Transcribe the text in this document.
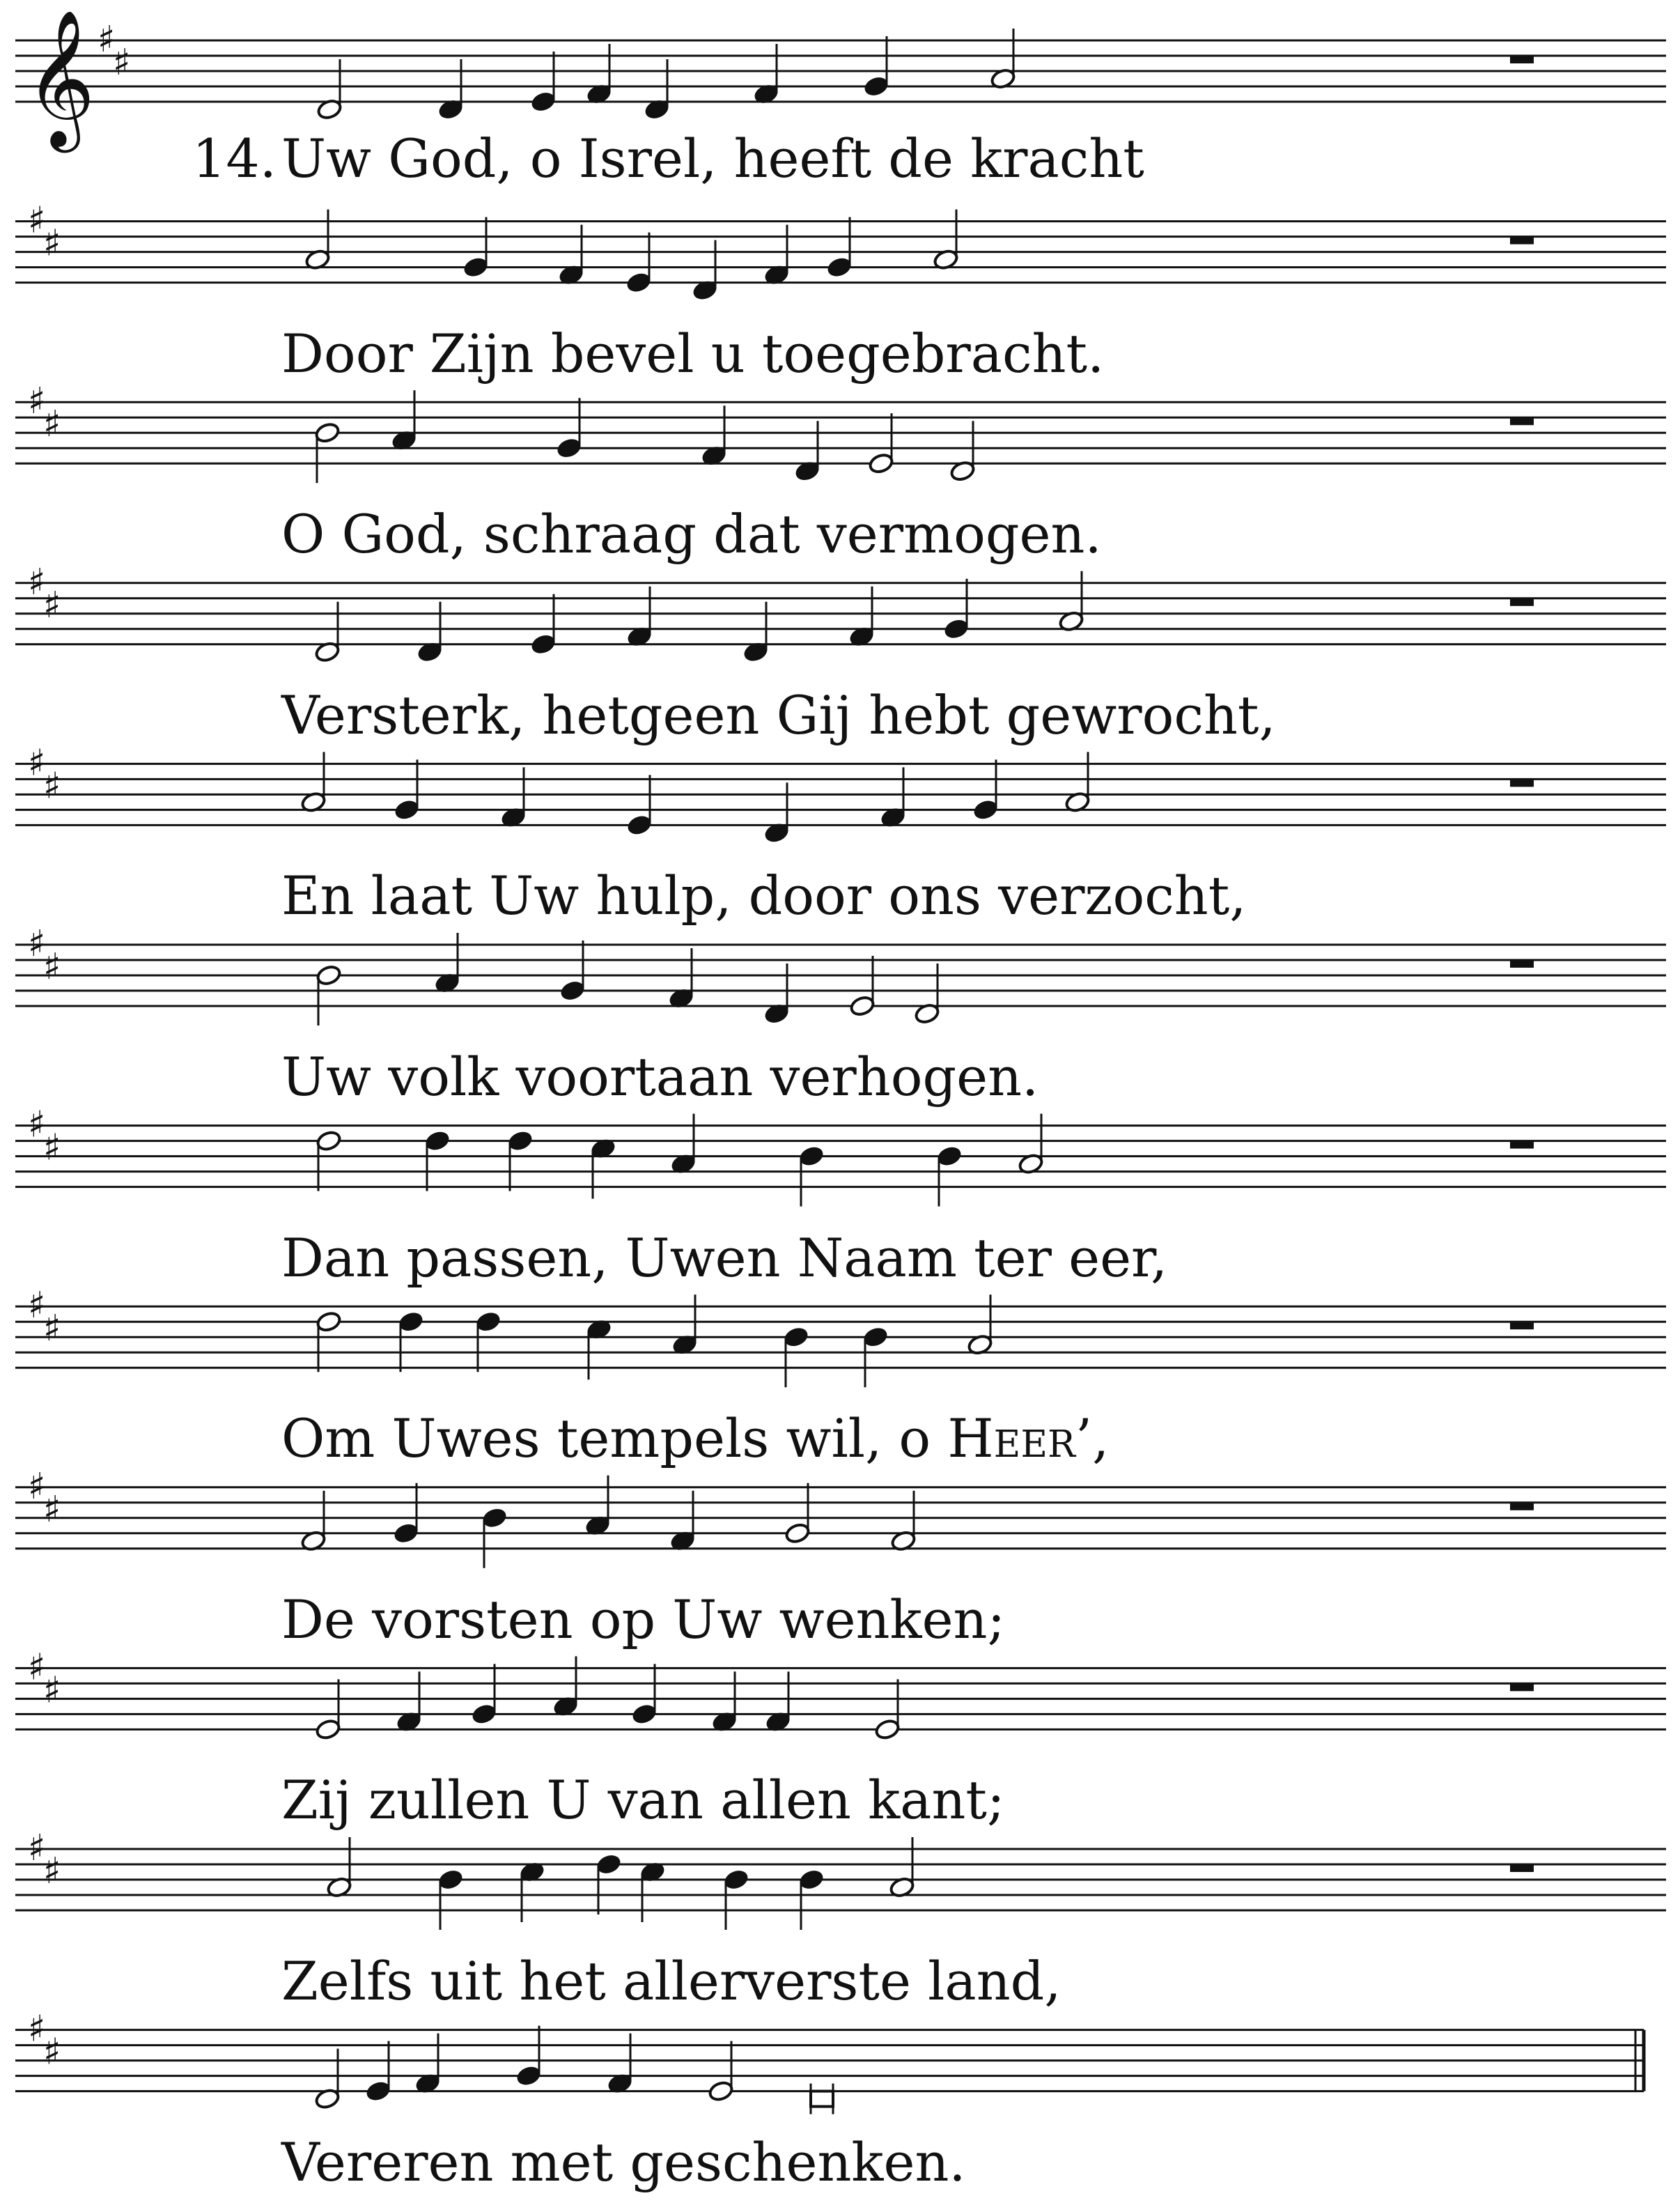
𝄞 ♯
♯
♯
♯
♯
♯
♯
♯
♯
♯
♯
♯
♯
♯
♯
♯
♯
♯
♯
♯
♯
♯
♯
♯
14. Uw God, o Isrel, heeft de kracht
Door Zijn bevel u toegebracht.
O God, schraag dat vermogen.
Versterk, hetgeen Gij hebt gewrocht,
En laat Uw hulp, door ons verzocht,
Uw volk voortaan verhogen.
Dan passen, Uwen Naam ter eer,
Om Uwes tempels wil, o Heer’,
De vorsten op Uw wenken;
Zij zullen U van allen kant;
Zelfs uit het allerverste land,
Vereren met geschenken.
